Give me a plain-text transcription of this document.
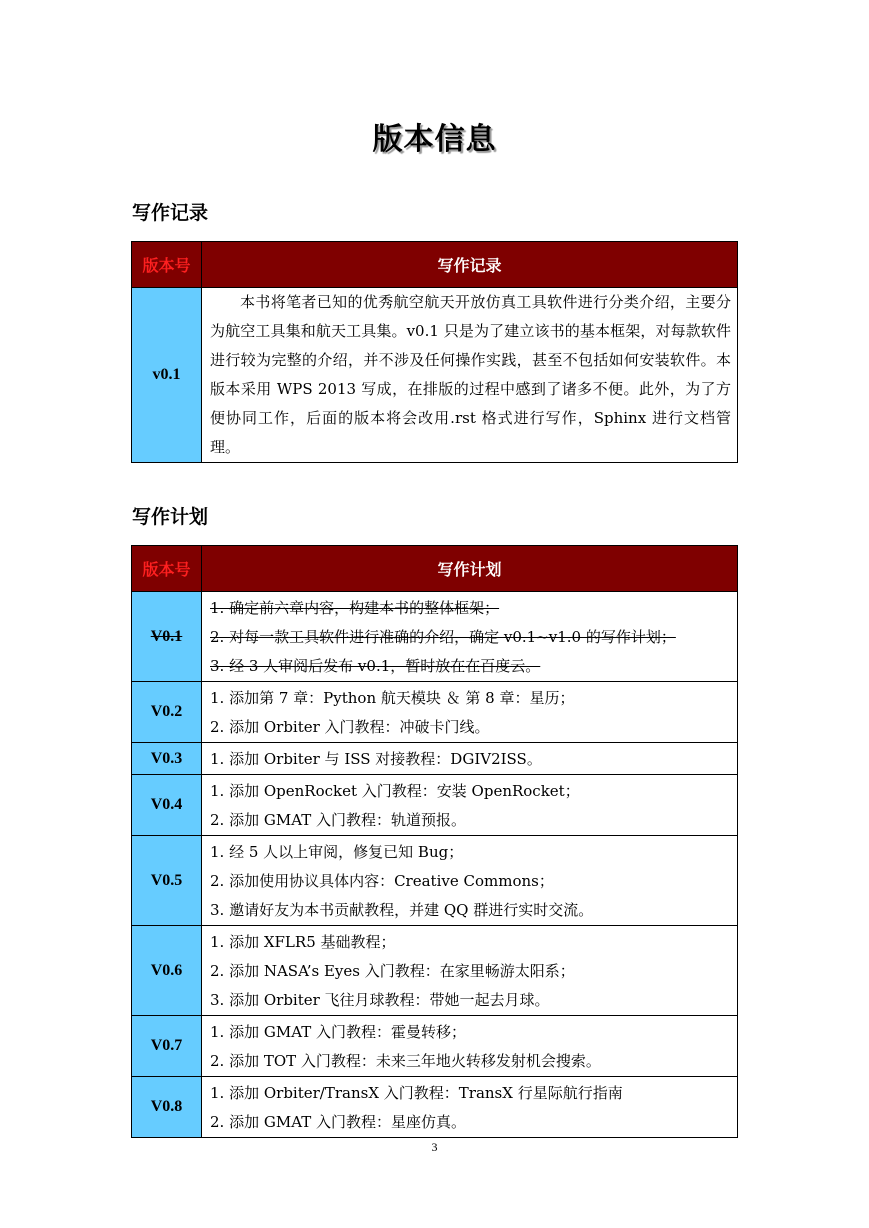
版本信息
写作记录
版本号	写作记录
v0.1	本书将笔者已知的优秀航空航天开放仿真工具软件进行分类介绍，主要分为航空工具集和航天工具集。v0.1 只是为了建立该书的基本框架，对每款软件进行较为完整的介绍，并不涉及任何操作实践，甚至不包括如何安装软件。本版本采用 WPS 2013 写成，在排版的过程中感到了诸多不便。此外，为了方便协同工作，后面的版本将会改用.rst 格式进行写作，Sphinx 进行文档管理。
写作计划
版本号	写作计划
V0.1	1. 确定前六章内容，构建本书的整体框架；
2. 对每一款工具软件进行准确的介绍，确定 v0.1~v1.0 的写作计划；
3. 经 3 人审阅后发布 v0.1，暂时放在在百度云。

V0.2	1. 添加第 7 章：Python 航天模块 ＆ 第 8 章：星历；
2. 添加 Orbiter 入门教程：冲破卡门线。

V0.3	1. 添加 Orbiter 与 ISS 对接教程：DGIV2ISS。

V0.4	1. 添加 OpenRocket 入门教程：安装 OpenRocket；
2. 添加 GMAT 入门教程：轨道预报。

V0.5	1. 经 5 人以上审阅，修复已知 Bug；
2. 添加使用协议具体内容：Creative Commons；
3. 邀请好友为本书贡献教程，并建 QQ 群进行实时交流。

V0.6	1. 添加 XFLR5 基础教程；
2. 添加 NASA’s Eyes 入门教程：在家里畅游太阳系；
3. 添加 Orbiter 飞往月球教程：带她一起去月球。

V0.7	1. 添加 GMAT 入门教程：霍曼转移；
2. 添加 TOT 入门教程：未来三年地火转移发射机会搜索。

V0.8	1. 添加 Orbiter/TransX 入门教程：TransX 行星际航行指南
2. 添加 GMAT 入门教程：星座仿真。
3
